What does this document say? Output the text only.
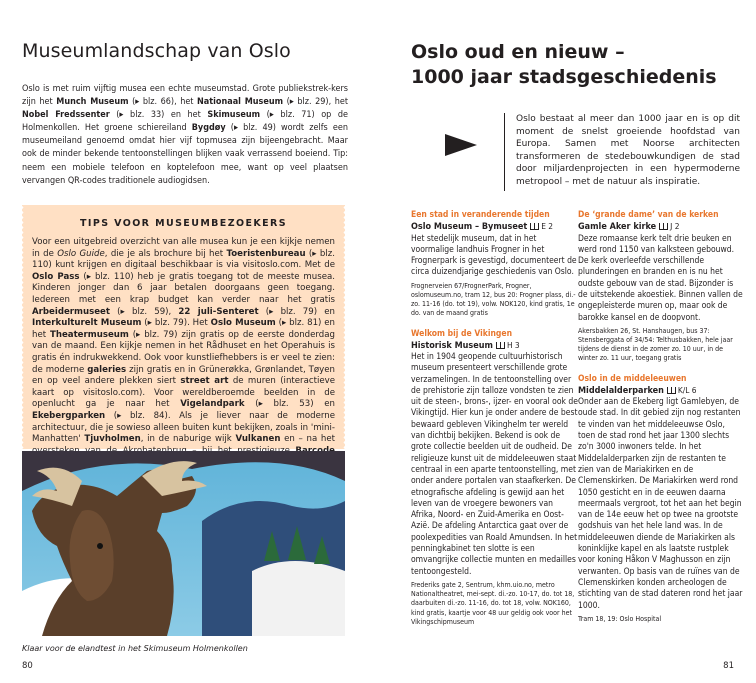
Museumlandschap van Oslo

Oslo is met ruim vijftig musea een echte museumstad. Grote publiekstrek-kers zijn het Munch Museum (▸ blz. 66), het Nationaal Museum (▸ blz. 29), het Nobel Fredssenter (▸ blz. 33) en het Skimuseum (▸ blz. 71) op de Holmenkollen. Het groene schiereiland Bygdøy (▸ blz. 49) wordt zelfs een museumeiland genoemd omdat hier vijf topmusea zijn bijeengebracht. Maar ook de minder bekende tentoonstellingen blijken vaak verrassend boeiend. Tip: neem een mobiele telefoon en koptelefoon mee, want op veel plaatsen vervangen QR-codes traditionele audiogidsen.

TIPS VOOR MUSEUMBEZOEKERS

Voor een uitgebreid overzicht van alle musea kun je een kijkje nemen in de Oslo Guide, die je als brochure bij het Toeristenbureau (▸ blz. 110) kunt krijgen en digitaal beschikbaar is via visitoslo.com. Met de Oslo Pass (▸ blz. 110) heb je gratis toegang tot de meeste musea. Kinderen jonger dan 6 jaar betalen doorgaans geen toegang. Iedereen met een krap budget kan verder naar het gratis Arbeidermuseet (▸ blz. 59), 22 juli-Senteret (▸ blz. 79) en Interkulturelt Museum (▸ blz. 79). Het Oslo Museum (▸ blz. 81) en het Theatermuseum (▸ blz. 79) zijn gratis op de eerste donderdag van de maand. Een kijkje nemen in het Rådhuset en het Operahuis is gratis én indrukwekkend. Ook voor kunstliefhebbers is er veel te zien: de moderne galeries zijn gratis en in Grünerøkka, Grønlandet, Tøyen en op veel andere plekken siert street art de muren (interactieve kaart op visitoslo.com). Voor wereldberoemde beelden in de openlucht ga je naar het Vigelandpark (▸ blz. 53) en Ekebergparken (▸ blz. 84). Als je liever naar de moderne architectuur, die je sowieso alleen buiten kunt bekijken, zoals in 'mini-Manhatten' Tjuvholmen, in de naburige wijk Vulkanen en – na het

Klaar voor de elandtest in het Skimuseum Holmenkollen
80
Oslo oud en nieuw –
1000 jaar stadsgeschiedenis

Oslo bestaat al meer dan 1000 jaar en is op dit moment de snelst groeiende hoofdstad van Europa. Samen met Noorse architecten transformeren de stedebouwkundigen de stad door miljardenprojecten in een hypermoderne metropool – met de natuur als inspiratie.

Een stad in veranderende tijden
Oslo Museum – Bymuseet E 2

Het stedelijk museum, dat in het voormalige landhuis Frogner in het Frognerpark is gevestigd, documenteert de circa duizendjarige geschiedenis van Oslo.

Frognerveien 67/FrognerPark, Frogner, oslomuseum.no, tram 12, bus 20: Frogner plass, di.-zo. 11-16 (do. tot 19), volw. NOK120, kind gratis, 1e do. van de maand gratis

Welkom bij de Vikingen
Historisk Museum H 3

Het in 1904 geopende cultuurhistorisch museum presenteert verschillende grote verzamelingen. In de tentoonstelling over de prehistorie zijn talloze vondsten te zien uit de steen-, brons-, ijzer- en vooral ook de Vikingtijd. Hier kun je onder andere de best bewaard gebleven Vikinghelm ter wereld van dichtbij bekijken. Bekend is ook de grote collectie beelden uit de oudheid. De religieuze kunst uit de middeleeuwen staat centraal in een aparte tentoonstelling, met onder andere portalen van staafkerken. De etnografische afdeling is gewijd aan het leven van de vroegere bewoners van Afrika, Noord- en Zuid-Amerika en Oost-Azië. De afdeling Antarctica gaat over de poolexpedities van Roald Amundsen. In het penningkabinet ten slotte is een omvangrijke collectie munten en medailles tentoongesteld.

Frederiks gate 2, Sentrum, khm.uio.no, metro Nationaltheatret, mei-sept. di.-zo. 10-17, do. tot 18, daarbuiten di.-zo. 11-16, do. tot 18, volw. NOK160, kind gratis, kaartje voor 48 uur geldig ook voor het Vikingschipmuseum

De ‘grande dame’ van de kerken
Gamle Aker kirke J 2

Deze romaanse kerk telt drie beuken en werd rond 1150 van kalksteen gebouwd. De kerk overleefde verschillende plunderingen en branden en is nu het oudste gebouw van de stad. Bijzonder is de uitstekende akoestiek. Binnen vallen de ongepleisterde muren op, maar ook de barokke kansel en de doopvont.

Akersbakken 26, St. Hanshaugen, bus 37: Stensberggata of 34/54: Telthusbakken, hele jaar tijdens de dienst in de zomer zo. 10 uur, in de winter zo. 11 uur, toegang gratis

Oslo in de middeleeuwen
Middelalderparken K/L 6

Onder aan de Ekeberg ligt Gamlebyen, de oude stad. In dit gebied zijn nog restanten te vinden van het middeleeuwse Oslo, toen de stad rond het jaar 1300 slechts zo'n 3000 inwoners telde. In het Middelalderparken zijn de restanten te zien van de Mariakirken en de Clemenskirken. De Mariakirken werd rond 1050 gesticht en in de eeuwen daarna meermaals vergroot, tot het aan het begin van de 14e eeuw het op twee na grootste godshuis van het hele land was. In de middeleeuwen diende de Mariakirken als koninklijke kapel en als laatste rustplek voor koning Håkon V Maghusson en zijn verwanten. Op basis van de ruïnes van de Clemenskirken konden archeologen de stichting van de stad dateren rond het jaar 1000.

Tram 18, 19: Oslo Hospital

81
